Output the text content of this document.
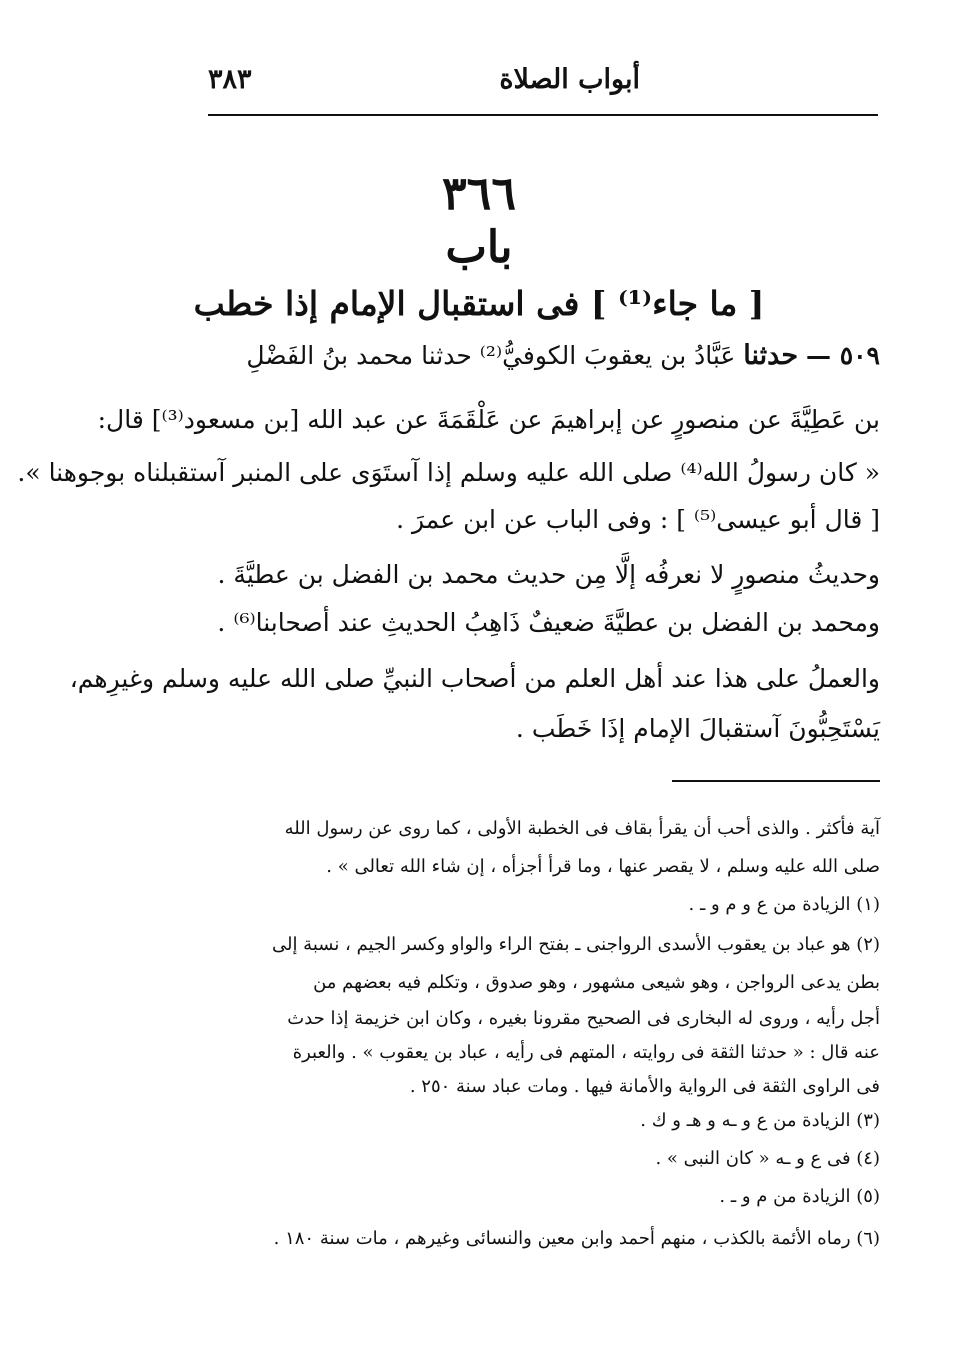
أبواب الصلاة
٣٨٣
٣٦٦
باب
[ ما جاء⁽¹⁾ ] فى استقبال الإمام إذا خطب
٥٠٩ — حدثنا عَبَّادُ بن يعقوبَ الكوفيُّ⁽²⁾ حدثنا محمد بنُ الفَضْلِ
بن عَطِيَّةَ عن منصورٍ عن إبراهيمَ عن عَلْقَمَةَ عن عبد الله [بن مسعود⁽³⁾] قال:
« كان رسولُ الله⁽⁴⁾ صلى الله عليه وسلم إذا آستَوَى على المنبر آستقبلناه بوجوهنا ».
[ قال أبو عيسى⁽⁵⁾ ] : وفى الباب عن ابن عمرَ .
وحديثُ منصورٍ لا نعرفُه إلَّا مِن حديث محمد بن الفضل بن عطيَّةَ .
ومحمد بن الفضل بن عطيَّةَ ضعيفٌ ذَاهِبُ الحديثِ عند أصحابنا⁽⁶⁾ .
والعملُ على هذا عند أهل العلم من أصحاب النبيِّ صلى الله عليه وسلم وغيرِهم،
يَسْتَحِبُّونَ آستقبالَ الإمام إذَا خَطَب .
آية فأكثر . والذى أحب أن يقرأ بقاف فى الخطبة الأولى ، كما روى عن رسول الله
صلى الله عليه وسلم ، لا يقصر عنها ، وما قرأ أجزأه ، إن شاء الله تعالى » .
(١) الزيادة من ع و م و ـ .
(٢) هو عباد بن يعقوب الأسدى الرواجنى ـ بفتح الراء والواو وكسر الجيم ، نسبة إلى
بطن يدعى الرواجن ، وهو شيعى مشهور ، وهو صدوق ، وتكلم فيه بعضهم من
أجل رأيه ، وروى له البخارى فى الصحيح مقرونا بغيره ، وكان ابن خزيمة إذا حدث
عنه قال : « حدثنا الثقة فى روايته ، المتهم فى رأيه ، عباد بن يعقوب » . والعبرة
فى الراوى الثقة فى الرواية والأمانة فيها . ومات عباد سنة ٢٥٠ .
(٣) الزيادة من ع و ـه و هـ و ك .
(٤) فى ع و ـه « كان النبى » .
(٥) الزيادة من م و ـ .
(٦) رماه الأئمة بالكذب ، منهم أحمد وابن معين والنسائى وغيرهم ، مات سنة ١٨٠ .
